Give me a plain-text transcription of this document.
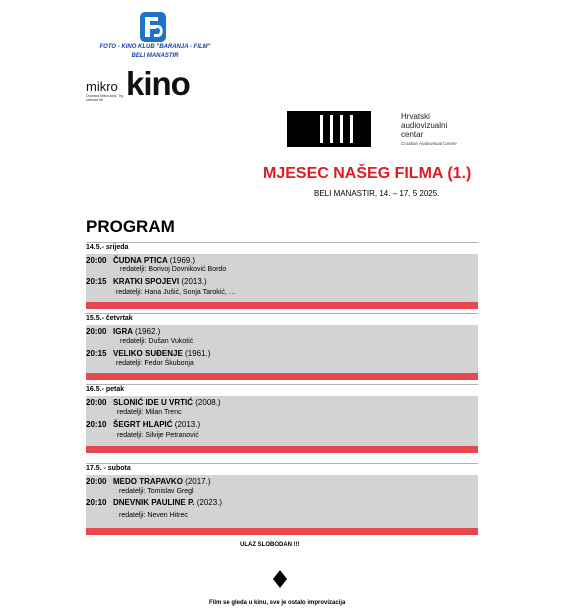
FOTO - KINO KLUB "BARANJA - FILM"
BELI MANASTIR
mikro kino
Dvorana Mikro-kina, Trg slobode bb
Hrvatski
audiovizualni
centar
Croatian Audiovisual Centre
MJESEC NAŠEG FILMA (1.)
BELI MANASTIR, 14. – 17. 5 2025.
PROGRAM
14.5.- srijeda
20:00 ČUDNA PTICA (1969.)
redatelji: Borivoj Dovniković Bordo
20:15 KRATKI SPOJEVI (2013.)
redatelji: Hana Jušić, Sonja Tarokić, …
15.5.- četvrtak
20:00 IGRA (1962.)
redatelji: Dušan Vukotić
20:15 VELIKO SUĐENJE (1961.)
redatelji: Fedor Škubonja
16.5.- petak
20:00 SLONIĆ IDE U VRTIĆ (2008.)
redatelji: Milan Trenc
20:10 ŠEGRT HLAPIĆ (2013.)
redatelji: Silvije Petranović
17.5. - subota
20:00 MEDO TRAPAVKO (2017.)
redatelji: Tomislav Gregl
20:10 DNEVNIK PAULINE P. (2023.)
redatelji: Neven Hitrec
ULAZ SLOBODAN !!!
Film se gleda u kinu, sve je ostalo improvizacija
